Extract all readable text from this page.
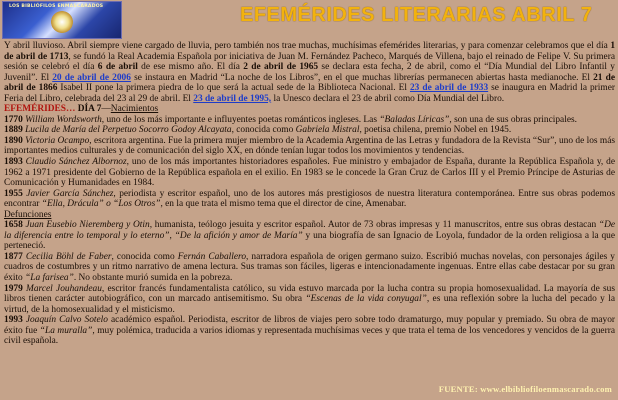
LOS BIBLIÓFILOS ENMASCARADOS	EFEMÉRIDES LITERARIAS ABRIL 7

Y abril lluvioso. Abril siempre viene cargado de lluvia, pero también nos trae muchas, muchísimas efemérides literarias, y para comenzar celebramos que el día 1 de abril de 1713, se fundó la Real Academia Española por iniciativa de Juan M. Fernández Pacheco, Marqués de Villena, bajo el reinado de Felipe V. Su primera sesión se celebró el día 6 de abril de ese mismo año. El día 2 de abril de 1965 se declara esta fecha, 2 de abril, como el “Día Mundial del Libro Infantil y Juvenil”. El 20 de abril de 2006 se instaura en Madrid “La noche de los Libros”, en el que muchas librerías permanecen abiertas hasta medianoche. El 21 de abril de 1866 Isabel II pone la primera piedra de lo que será la actual sede de la Biblioteca Nacional. El 23 de abril de 1933 se inaugura en Madrid la primer Feria del Libro, celebrada del 23 al 29 de abril. El 23 de abril de 1995, la Unesco declara el 23 de abril como Día Mundial del Libro.

EFEMÉRIDES… DÍA 7—Nacimientos

1770 William Wordsworth, uno de los más importante e influyentes poetas románticos ingleses. Las “Baladas Líricas”, son una de sus obras principales.

1889 Lucila de María del Perpetuo Socorro Godoy Alcayata, conocida como Gabriela Mistral, poetisa chilena, premio Nobel en 1945.

1890 Victoria Ocampo, escritora argentina. Fue la primera mujer miembro de la Academia Argentina de las Letras y fundadora de la Revista “Sur”, uno de los más importantes medios culturales y de comunicación del siglo XX, en dónde tenían lugar todos los movimientos y tendencias.

1893 Claudio Sánchez Albornoz, uno de los más importantes historiadores españoles. Fue ministro y embajador de España, durante la República Española y, de 1962 a 1971 presidente del Gobierno de la República española en el exilio. En 1983 se le concede la Gran Cruz de Carlos III y el Premio Príncipe de Asturias de Comunicación y Humanidades en 1984.

1955 Javier García Sánchez, periodista y escritor español, uno de los autores más prestigiosos de nuestra literatura contemporánea. Entre sus obras podemos encontrar “Ella, Drácula” o “Los Otros”, en la que trata el mismo tema que el director de cine, Amenabar.

Defunciones

1658 Juan Eusebio Nieremberg y Otin, humanista, teólogo jesuita y escritor español. Autor de 73 obras impresas y 11 manuscritos, entre sus obras destacan “De la diferencia entre lo temporal y lo eterno”, “De la afición y amor de María” y una biografía de san Ignacio de Loyola, fundador de la orden religiosa a la que perteneció.

1877 Cecilia Böhl de Faber, conocida como Fernán Caballero, narradora española de origen germano suizo. Escribió muchas novelas, con personajes ágiles y cuadros de costumbres y un ritmo narrativo de amena lectura. Sus tramas son fáciles, ligeras e intencionadamente ingenuas. Entre ellas cabe destacar por su gran éxito “La farisea”. No obstante murió sumida en la pobreza.

1979 Marcel Jouhandeau, escritor francés fundamentalista católico, su vida estuvo marcada por la lucha contra su propia homosexualidad. La mayoría de sus libros tienen carácter autobiográfico, con un marcado antisemitismo. Su obra “Escenas de la vida conyugal”, es una reflexión sobre la lucha del pecado y la virtud, de la homosexualidad y el misticismo.

1993 Joaquín Calvo Sotelo académico español. Periodista, escritor de libros de viajes pero sobre todo dramaturgo, muy popular y premiado. Su obra de mayor éxito fue “La muralla”, muy polémica, traducida a varios idiomas y representada muchísimas veces y que trata el tema de los vencedores y vencidos de la guerra civil española.

FUENTE: www.elbibliofiloenmascarado.com
